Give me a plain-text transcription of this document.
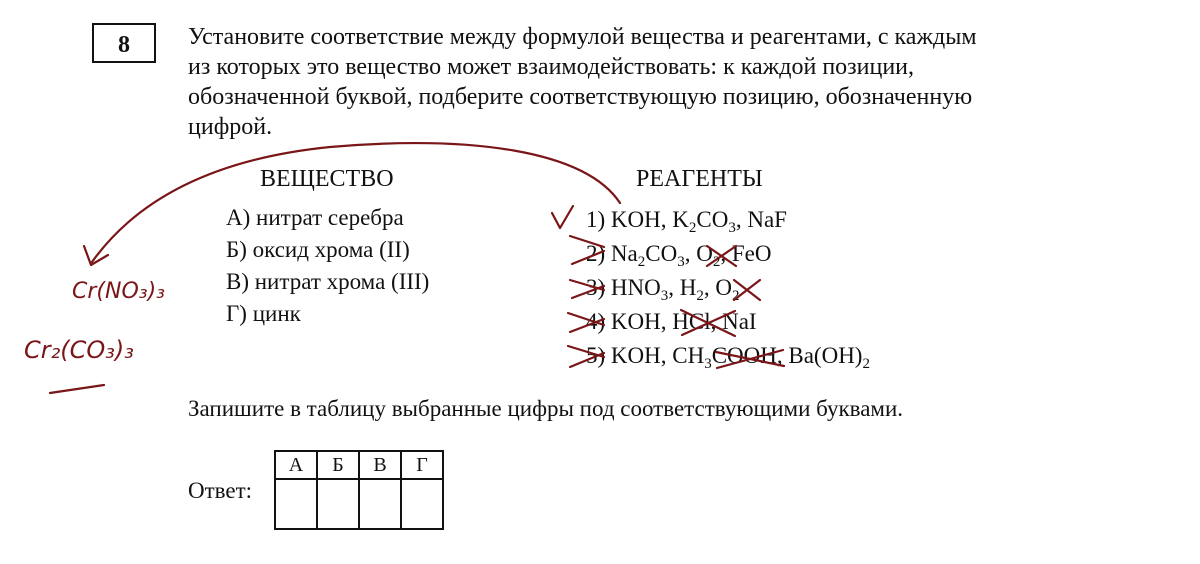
8	Установите соответствие между формулой вещества и реагентами, с каждым
из которых это вещество может взаимодействовать: к каждой позиции,
обозначенной буквой, подберите соответствующую позицию, обозначенную
цифрой.
ВЕЩЕСТВО
А) нитрат серебра
Б) оксид хрома (II)
В) нитрат хрома (III)
Г) цинк
РЕАГЕНТЫ
1) KOH, $K_2CO_3$, NaF
2) $Na_2CO_3$, $O_2$, FeO
3) $HNO_3$, $H_2$, $O_2$
4) KOH, HCl, NaI
5) KOH, $CH_3COOH$, $Ba(OH)_2$
Запишите в таблицу выбранные цифры под соответствующими буквами.
Ответ:
А	Б	В	Г

Cr(NO₃)₃
Cr₂(CO₃)₃
